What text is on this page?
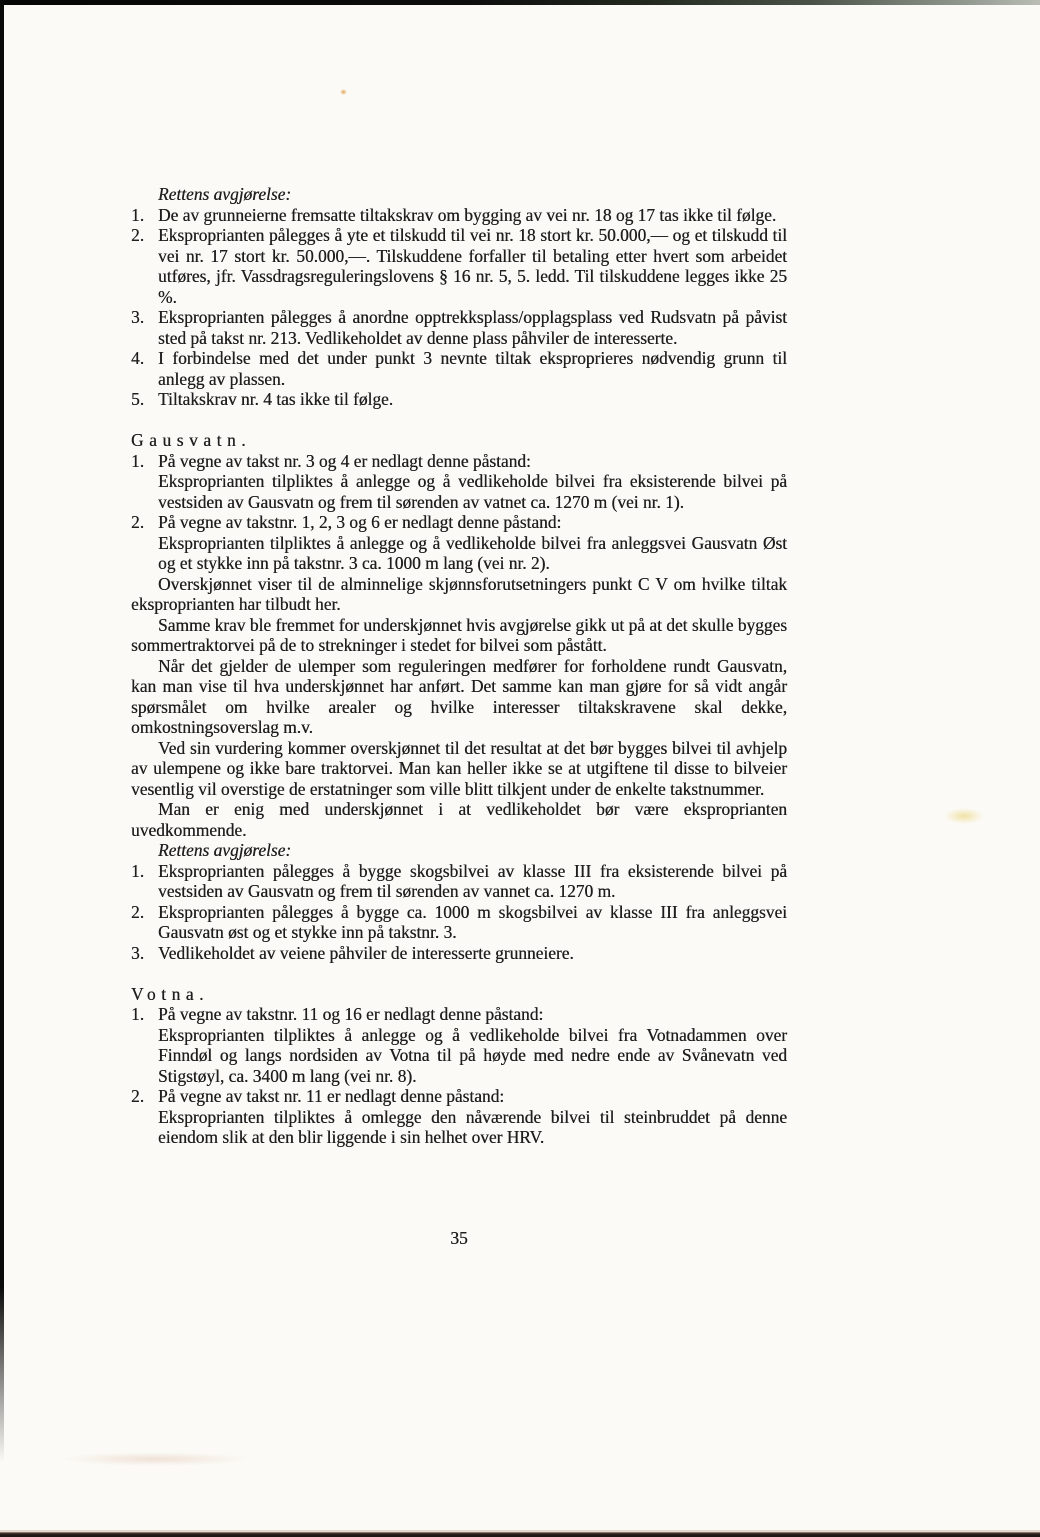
Rettens avgjørelse:

1. De av grunneierne fremsatte tiltakskrav om bygging av vei nr. 18 og 17 tas ikke til følge.

2. Eksproprianten pålegges å yte et tilskudd til vei nr. 18 stort kr. 50.000,— og et tilskudd til vei nr. 17 stort kr. 50.000,—. Tilskuddene forfaller til betaling etter hvert som arbeidet utføres, jfr. Vassdragsreguleringslovens § 16 nr. 5, 5. ledd. Til tilskuddene legges ikke 25 %.

3. Eksproprianten pålegges å anordne opptrekksplass/opplagsplass ved Rudsvatn på påvist sted på takst nr. 213. Vedlikeholdet av denne plass påhviler de interesserte.

4. I forbindelse med det under punkt 3 nevnte tiltak eksproprieres nødvendig grunn til anlegg av plassen.

5. Tiltakskrav nr. 4 tas ikke til følge.

Gausvatn.
1. På vegne av takst nr. 3 og 4 er nedlagt denne påstand:

Eksproprianten tilpliktes å anlegge og å vedlikeholde bilvei fra eksisterende bilvei på vestsiden av Gausvatn og frem til sørenden av vatnet ca. 1270 m (vei nr. 1).

2. På vegne av takstnr. 1, 2, 3 og 6 er nedlagt denne påstand:

Eksproprianten tilpliktes å anlegge og å vedlikeholde bilvei fra anleggsvei Gausvatn Øst og et stykke inn på takstnr. 3 ca. 1000 m lang (vei nr. 2).

Overskjønnet viser til de alminnelige skjønnsforutsetningers punkt C V om hvilke tiltak eksproprianten har tilbudt her.

Samme krav ble fremmet for underskjønnet hvis avgjørelse gikk ut på at det skulle bygges sommertraktorvei på de to strekninger i stedet for bilvei som påstått.

Når det gjelder de ulemper som reguleringen medfører for forholdene rundt Gausvatn, kan man vise til hva underskjønnet har anført. Det samme kan man gjøre for så vidt angår spørsmålet om hvilke arealer og hvilke interesser tiltakskravene skal dekke, omkostningsoverslag m.v.

Ved sin vurdering kommer overskjønnet til det resultat at det bør bygges bilvei til avhjelp av ulempene og ikke bare traktorvei. Man kan heller ikke se at utgiftene til disse to bilveier vesentlig vil overstige de erstatninger som ville blitt tilkjent under de enkelte takstnummer.

Man er enig med underskjønnet i at vedlikeholdet bør være eksproprianten uvedkommende.

Rettens avgjørelse:

1. Eksproprianten pålegges å bygge skogsbilvei av klasse III fra eksisterende bilvei på vestsiden av Gausvatn og frem til sørenden av vannet ca. 1270 m.

2. Eksproprianten pålegges å bygge ca. 1000 m skogsbilvei av klasse III fra anleggsvei Gausvatn øst og et stykke inn på takstnr. 3.

3. Vedlikeholdet av veiene påhviler de interesserte grunneiere.

Votna.
1. På vegne av takstnr. 11 og 16 er nedlagt denne påstand:

Eksproprianten tilpliktes å anlegge og å vedlikeholde bilvei fra Votnadammen over Finndøl og langs nordsiden av Votna til på høyde med nedre ende av Svånevatn ved Stigstøyl, ca. 3400 m lang (vei nr. 8).

2. På vegne av takst nr. 11 er nedlagt denne påstand:

Eksproprianten tilpliktes å omlegge den nåværende bilvei til steinbruddet på denne eiendom slik at den blir liggende i sin helhet over HRV.

35
